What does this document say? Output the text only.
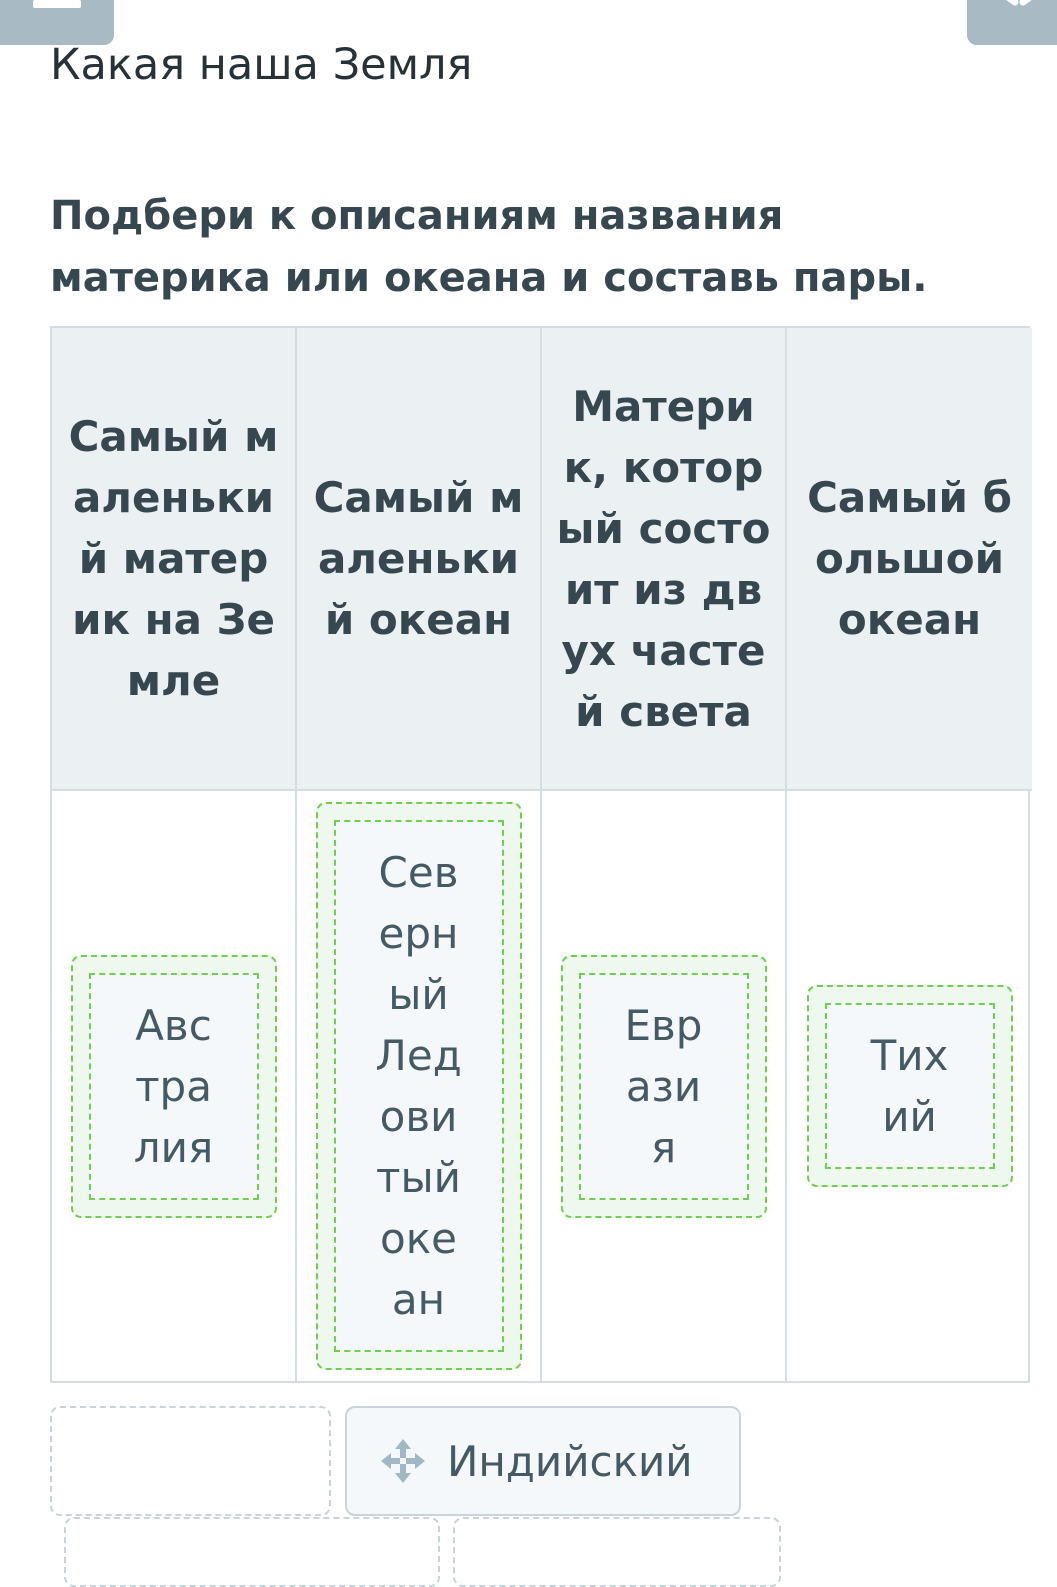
Какая наша Земля

Подбери к описаниям названия материка или океана и составь пары.

Самый маленький материк на Земле
Самый маленький океан
Материк, который состоит из двух частей света
Самый большой океан
Австралия
Северный Ледовитый океан
Евразия
Тихий
Индийский
